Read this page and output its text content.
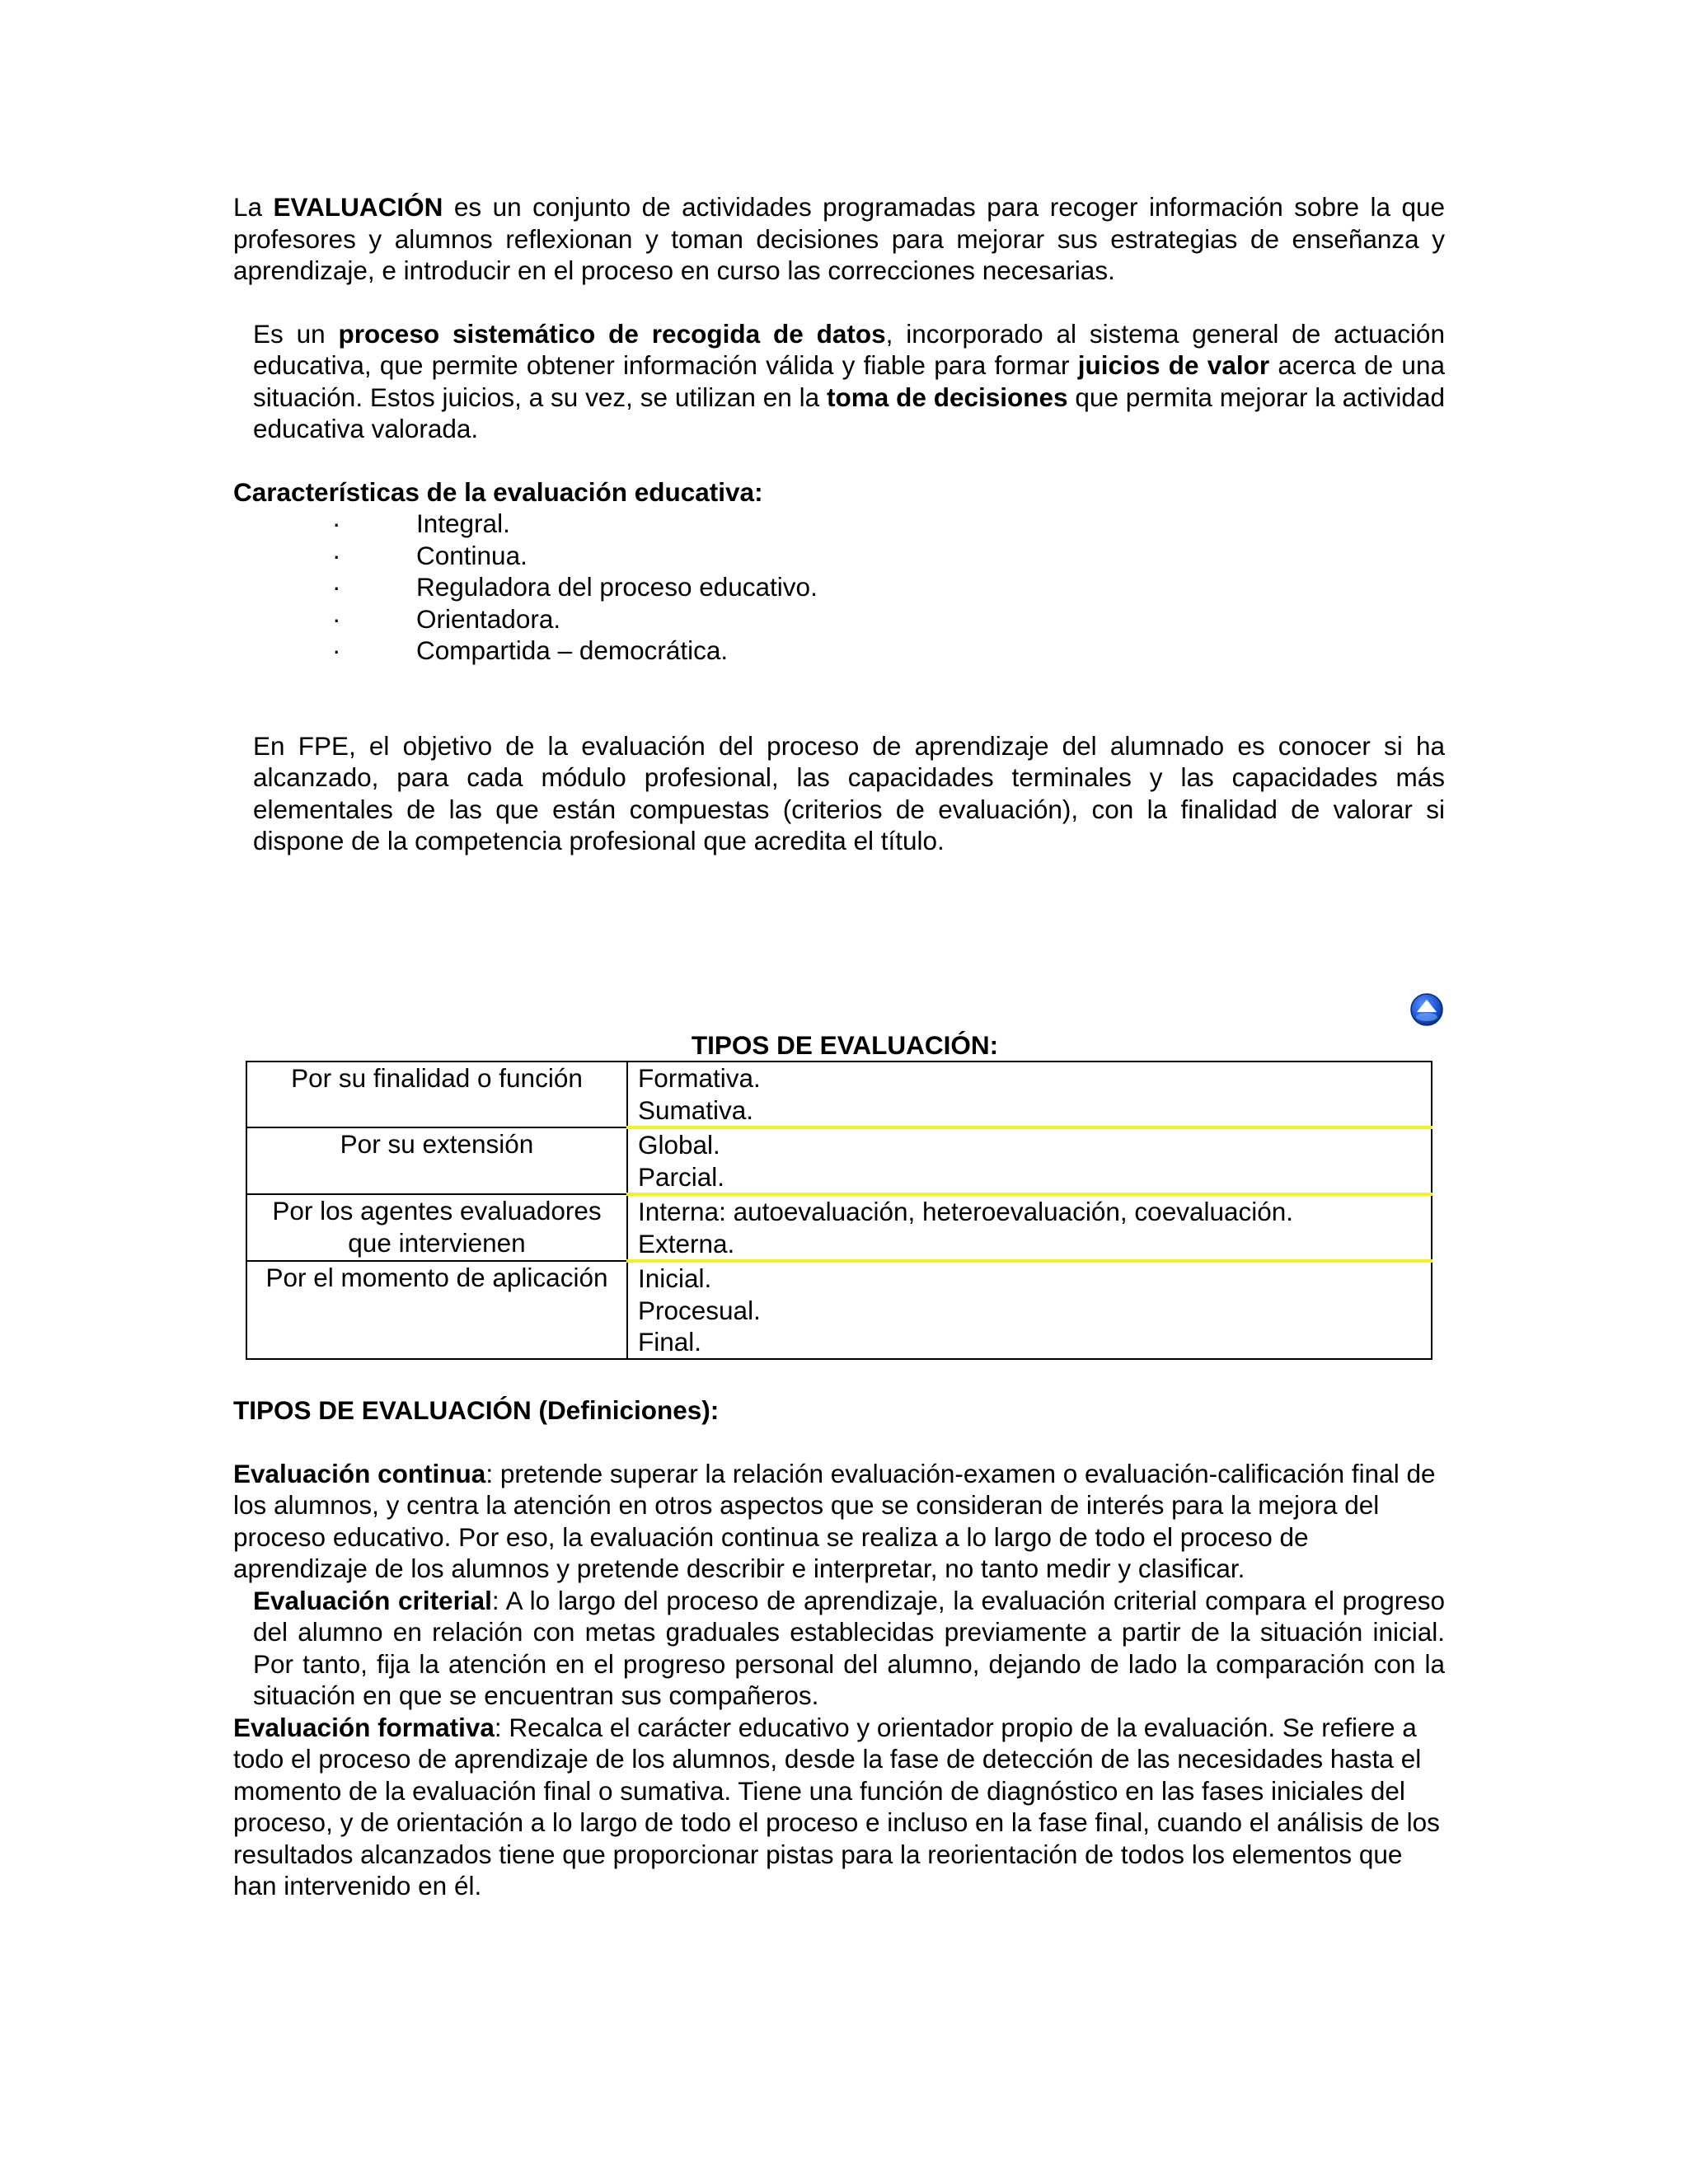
La EVALUACIÓN es un conjunto de actividades programadas para recoger información sobre la que profesores y alumnos reflexionan y toman decisiones para mejorar sus estrategias de enseñanza y aprendizaje, e introducir en el proceso en curso las correcciones necesarias.

Es un proceso sistemático de recogida de datos, incorporado al sistema general de actuación educativa, que permite obtener información válida y fiable para formar juicios de valor acerca de una situación. Estos juicios, a su vez, se utilizan en la toma de decisiones que permita mejorar la actividad educativa valorada.

Características de la evaluación educativa:

·	Integral.
·	Continua.
·	Reguladora del proceso educativo.
·	Orientadora.
·	Compartida – democrática.

En FPE, el objetivo de la evaluación del proceso de aprendizaje del alumnado es conocer si ha alcanzado, para cada módulo profesional, las capacidades terminales y las capacidades más elementales de las que están compuestas (criterios de evaluación), con la finalidad de valorar si dispone de la competencia profesional que acredita el título.

TIPOS DE EVALUACIÓN:
Por su finalidad o función	Formativa.
Sumativa.

Por su extensión	Global.
Parcial.

Por los agentes evaluadores que intervienen	Interna: autoevaluación, heteroevaluación, coevaluación.
Externa.

Por el momento de aplicación	Inicial.
Procesual.
Final.

TIPOS DE EVALUACIÓN (Definiciones):

Evaluación continua: pretende superar la relación evaluación-examen o evaluación-calificación final de los alumnos, y centra la atención en otros aspectos que se consideran de interés para la mejora del proceso educativo. Por eso, la evaluación continua se realiza a lo largo de todo el proceso de aprendizaje de los alumnos y pretende describir e interpretar, no tanto medir y clasificar.

Evaluación criterial: A lo largo del proceso de aprendizaje, la evaluación criterial compara el progreso del alumno en relación con metas graduales establecidas previamente a partir de la situación inicial. Por tanto, fija la atención en el progreso personal del alumno, dejando de lado la comparación con la situación en que se encuentran sus compañeros.

Evaluación formativa: Recalca el carácter educativo y orientador propio de la evaluación. Se refiere a todo el proceso de aprendizaje de los alumnos, desde la fase de detección de las necesidades hasta el momento de la evaluación final o sumativa. Tiene una función de diagnóstico en las fases iniciales del proceso, y de orientación a lo largo de todo el proceso e incluso en la fase final, cuando el análisis de los resultados alcanzados tiene que proporcionar pistas para la reorientación de todos los elementos que han intervenido en él.
